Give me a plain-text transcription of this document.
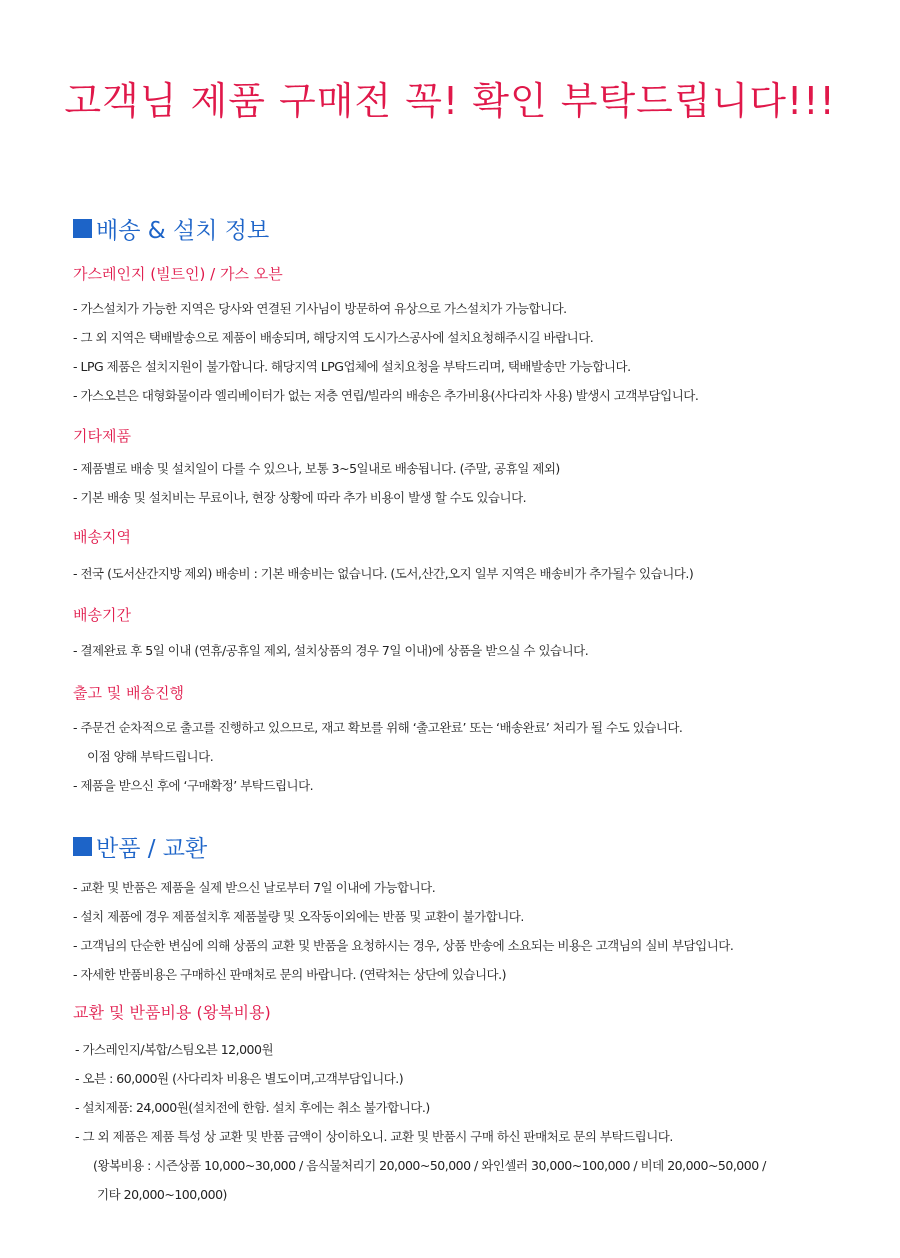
고객님 제품 구매전 꼭! 확인 부탁드립니다!!!
배송 & 설치 정보
가스레인지 (빌트인) / 가스 오븐
- 가스설치가 가능한 지역은 당사와 연결된 기사님이 방문하여 유상으로 가스설치가 가능합니다.
- 그 외 지역은 택배발송으로 제품이 배송되며, 해당지역 도시가스공사에 설치요청해주시길 바랍니다.
- LPG 제품은 설치지원이 불가합니다. 해당지역 LPG업체에 설치요청을 부탁드리며, 택배발송만 가능합니다.
- 가스오븐은 대형화물이라 엘리베이터가 없는 저층 연립/빌라의 배송은 추가비용(사다리차 사용) 발생시 고객부담입니다.
기타제품
- 제품별로 배송 및 설치일이 다를 수 있으나, 보통 3~5일내로 배송됩니다. (주말, 공휴일 제외)
- 기본 배송 및 설치비는 무료이나, 현장 상황에 따라 추가 비용이 발생 할 수도 있습니다.
배송지역
- 전국 (도서산간지방 제외) 배송비 : 기본 배송비는 없습니다. (도서,산간,오지 일부 지역은 배송비가 추가될수 있습니다.)
배송기간
- 결제완료 후 5일 이내 (연휴/공휴일 제외, 설치상품의 경우 7일 이내)에 상품을 받으실 수 있습니다.
출고 및 배송진행
- 주문건 순차적으로 출고를 진행하고 있으므로, 재고 확보를 위해 ‘출고완료’ 또는 ‘배송완료’ 처리가 될 수도 있습니다.
이점 양해 부탁드립니다.
- 제품을 받으신 후에 ‘구매확정’ 부탁드립니다.
반품 / 교환
- 교환 및 반품은 제품을 실제 받으신 날로부터 7일 이내에 가능합니다.
- 설치 제품에 경우 제품설치후 제품불량 및 오작동이외에는 반품 및 교환이 불가합니다.
- 고객님의 단순한 변심에 의해 상품의 교환 및 반품을 요청하시는 경우, 상품 반송에 소요되는 비용은 고객님의 실비 부담입니다.
- 자세한 반품비용은 구매하신 판매처로 문의 바랍니다. (연락처는 상단에 있습니다.)
교환 및 반품비용 (왕복비용)
- 가스레인지/복합/스팀오븐 12,000원
- 오븐 : 60,000원 (사다리차 비용은 별도이며,고객부담입니다.)
- 설치제품: 24,000원(설치전에 한함. 설치 후에는 취소 불가합니다.)
- 그 외 제품은 제품 특성 상 교환 및 반품 금액이 상이하오니. 교환 및 반품시 구매 하신 판매처로 문의 부탁드립니다.
(왕복비용 : 시즌상품 10,000~30,000 / 음식물처리기 20,000~50,000 / 와인셀러 30,000~100,000 / 비데 20,000~50,000 /
기타 20,000~100,000)
